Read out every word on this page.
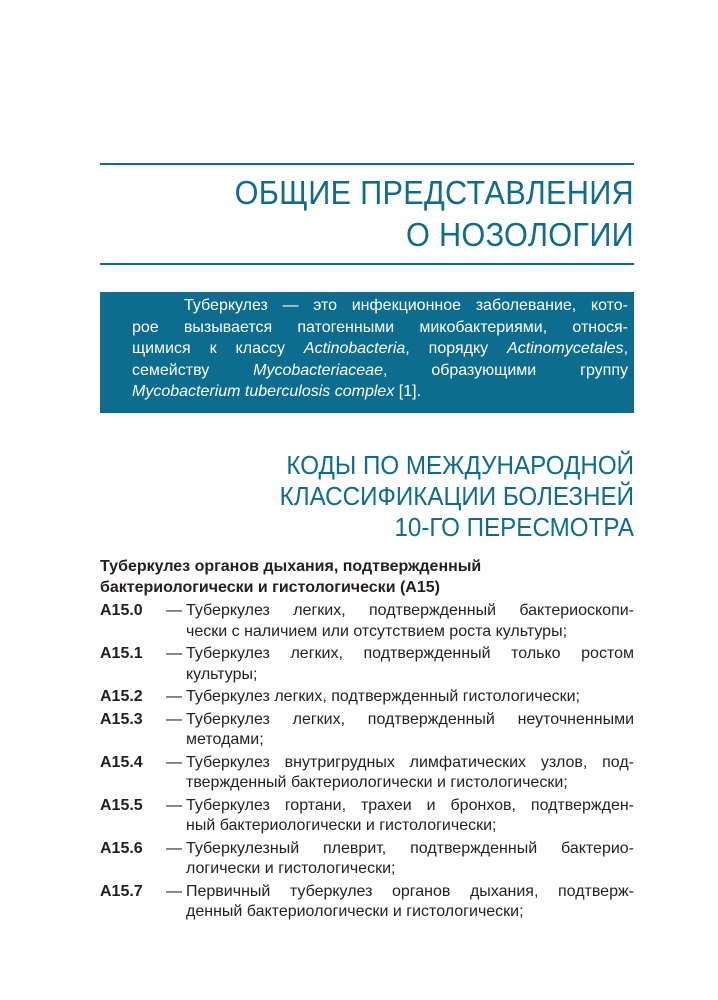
ОБЩИЕ ПРЕДСТАВЛЕНИЯ
О НОЗОЛОГИИ
Туберкулез — это инфекционное заболевание, кото-
рое вызывается патогенными микобактериями, относя-
щимися к классу Actinobacteria, порядку Actinomycetales,
семейству Mycobacteriaceae, образующими группу
Mycobacterium tuberculosis complex [1].
КОДЫ ПО МЕЖДУНАРОДНОЙ
КЛАССИФИКАЦИИ БОЛЕЗНЕЙ
10-ГО ПЕРЕСМОТРА
Туберкулез органов дыхания, подтвержденный
бактериологически и гистологически (A15)
A15.0	— Туберкулез легких, подтвержденный бактериоскопи-
чески с наличием или отсутствием роста культуры;
A15.1	— Туберкулез легких, подтвержденный только ростом
культуры;
A15.2	— Туберкулез легких, подтвержденный гистологически;
A15.3	— Туберкулез легких, подтвержденный неуточненными
методами;
A15.4	— Туберкулез внутригрудных лимфатических узлов, под-
твержденный бактериологически и гистологически;
A15.5	— Туберкулез гортани, трахеи и бронхов, подтвержден-
ный бактериологически и гистологически;
A15.6	— Туберкулезный плеврит, подтвержденный бактерио-
логически и гистологически;
A15.7	— Первичный туберкулез органов дыхания, подтверж-
денный бактериологически и гистологически;
